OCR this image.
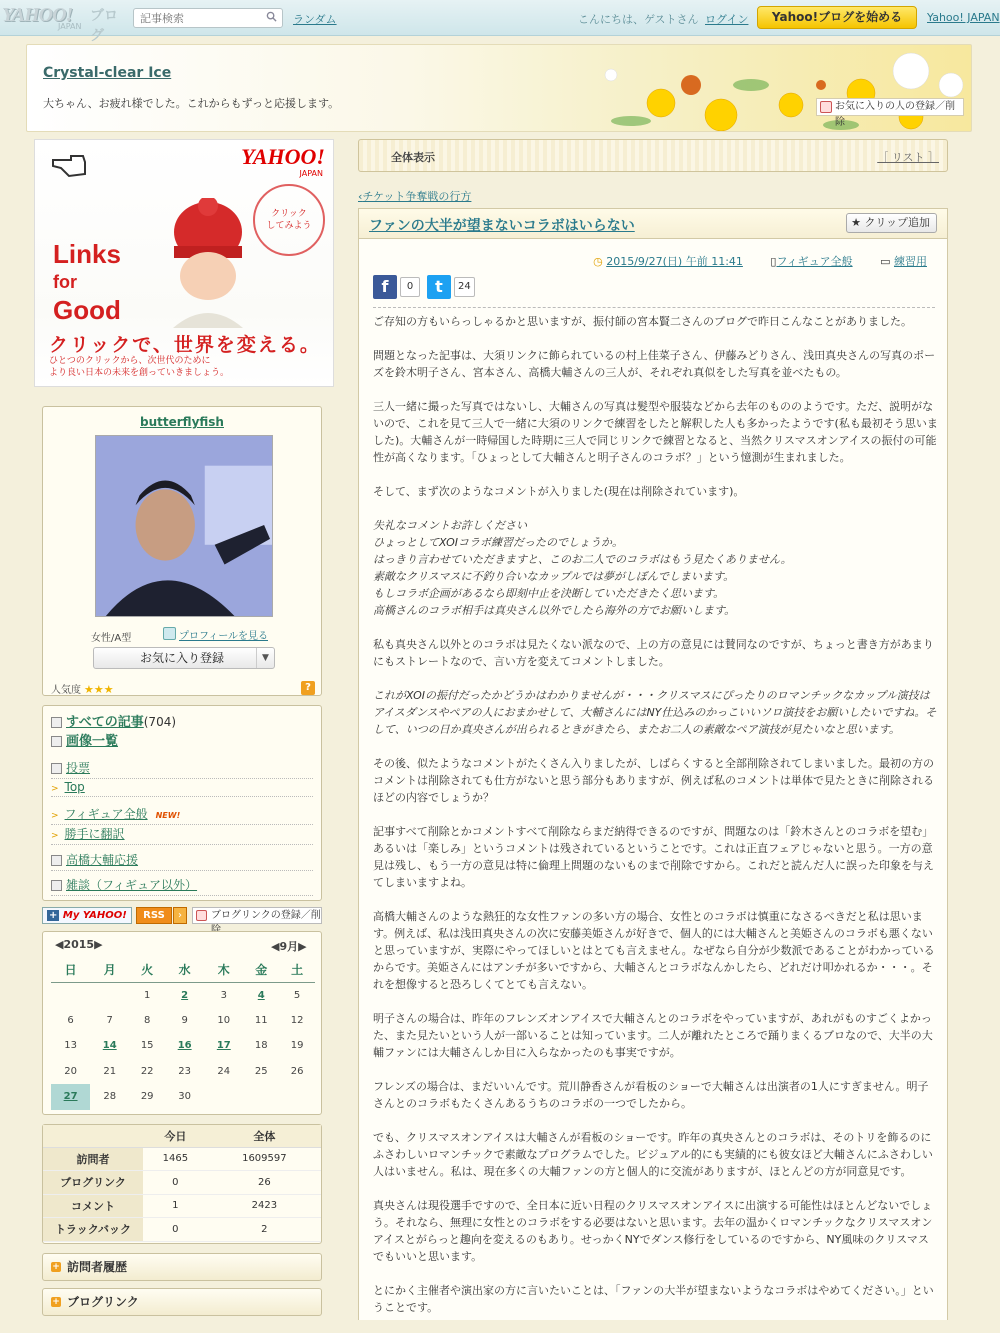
YAHOO!
JAPAN
ブログ
記事検索
ランダム	こんにちは、ゲストさん ログイン	Yahoo!ブログを始める	Yahoo! JAPAN
Crystal-clear Ice
大ちゃん、お疲れ様でした。これからもずっと応援します。	お気に入りの人の登録／削除
YAHOO!
JAPAN
クリック
してみよう
Links
for
Good
クリックで、世界を変える。
ひとつのクリックから、次世代のために
より良い日本の未来を創っていきましょう。
butterflyfish
女性/A型	プロフィールを見る
お気に入り登録	▼
人気度 ★★★	?
すべての記事(704)
画像一覧
投票
> Top
> フィギュア全般 NEW!
> 勝手に翻訳
高橋大輔応援
雑談（フィギュア以外）
+ My YAHOO!	RSS	›	ブログリンクの登録／削
◀2015▶	◀9月▶
日	月	火	水	木	金	土
		1	2	3	4	5
6	7	8	9	10	11	12
13	14	15	16	17	18	19
20	21	22	23	24	25	26
27	28	29	30			
	今日	全体
訪問者	1465	1609597
ブログリンク	0	26
コメント	1	2423
トラックバック	0	2
+ 訪問者履歴
+ ブログリンク
全体表示	［ リスト ］
‹チケット争奪戦の行方
ファンの大半が望まないコラボはいらない	★ クリップ追加
◷ 2015/9/27(日) 午前 11:41	▯フィギュア全般	▭ 練習用
f	0	t	24

ご存知の方もいらっしゃるかと思いますが、振付師の宮本賢二さんのブログで昨日こんなことがありました。

問題となった記事は、大須リンクに飾られているの村上佳菜子さん、伊藤みどりさん、浅田真央さんの写真のポーズを鈴木明子さん、宮本さん、高橋大輔さんの三人が、それぞれ真似をした写真を並べたもの。

三人一緒に撮った写真ではないし、大輔さんの写真は髪型や服装などから去年のもののようです。ただ、説明がないので、これを見て三人で一緒に大須のリンクで練習をしたと解釈した人も多かったようです(私も最初そう思いました)。大輔さんが一時帰国した時期に三人で同じリンクで練習となると、当然クリスマスオンアイスの振付の可能性が高くなります。「ひょっとして大輔さんと明子さんのコラボ？」という憶測が生まれました。

そして、まず次のようなコメントが入りました(現在は削除されています)。

失礼なコメントお許しください
ひょっとしてXOIコラボ練習だったのでしょうか。
はっきり言わせていただきますと、このお二人でのコラボはもう見たくありません。
素敵なクリスマスに不釣り合いなカップルでは夢がしぼんでしまいます。
もしコラボ企画があるなら即刻中止を決断していただきたく思います。
高橋さんのコラボ相手は真央さん以外でしたら海外の方でお願いします。

私も真央さん以外とのコラボは見たくない派なので、上の方の意見には賛同なのですが、ちょっと書き方があまりにもストレートなので、言い方を変えてコメントしました。

これがXOIの振付だったかどうかはわかりませんが・・・クリスマスにぴったりのロマンチックなカップル演技はアイスダンスやペアの人におまかせして、大輔さんにはNY仕込みのかっこいいソロ演技をお願いしたいですね。そして、いつの日か真央さんが出られるときがきたら、またお二人の素敵なペア演技が見たいなと思います。

その後、似たようなコメントがたくさん入りましたが、しばらくすると全部削除されてしまいました。最初の方のコメントは削除されても仕方がないと思う部分もありますが、例えば私のコメントは単体で見たときに削除されるほどの内容でしょうか？

記事すべて削除とかコメントすべて削除ならまだ納得できるのですが、問題なのは「鈴木さんとのコラボを望む」あるいは「楽しみ」というコメントは残されているということです。これは正直フェアじゃないと思う。一方の意見は残し、もう一方の意見は特に倫理上問題のないものまで削除ですから。これだと読んだ人に誤った印象を与えてしまいますよね。

高橋大輔さんのような熱狂的な女性ファンの多い方の場合、女性とのコラボは慎重になさるべきだと私は思います。例えば、私は浅田真央さんの次に安藤美姫さんが好きで、個人的には大輔さんと美姫さんのコラボも悪くないと思っていますが、実際にやってほしいとはとても言えません。なぜなら自分が少数派であることがわかっているからです。美姫さんにはアンチが多いですから、大輔さんとコラボなんかしたら、どれだけ叩かれるか・・・。それを想像すると恐ろしくてとても言えない。

明子さんの場合は、昨年のフレンズオンアイスで大輔さんとのコラボをやっていますが、あれがものすごくよかった、また見たいという人が一部いることは知っています。二人が離れたところで踊りまくるブロなので、大半の大輔ファンには大輔さんしか目に入らなかったのも事実ですが。

フレンズの場合は、まだいいんです。荒川静香さんが看板のショーで大輔さんは出演者の1人にすぎません。明子さんとのコラボもたくさんあるうちのコラボの一つでしたから。

でも、クリスマスオンアイスは大輔さんが看板のショーです。昨年の真央さんとのコラボは、そのトリを飾るのにふさわしいロマンチックで素敵なプログラムでした。ビジュアル的にも実績的にも彼女ほど大輔さんにふさわしい人はいません。私は、現在多くの大輔ファンの方と個人的に交流がありますが、ほとんどの方が同意見です。

真央さんは現役選手ですので、全日本に近い日程のクリスマスオンアイスに出演する可能性はほとんどないでしょう。それなら、無理に女性とのコラボをする必要はないと思います。去年の温かくロマンチックなクリスマスオンアイスとがらっと趣向を変えるのもあり。せっかくNYでダンス修行をしているのですから、NY風味のクリスマスでもいいと思います。

とにかく主催者や演出家の方に言いたいことは、「ファンの大半が望まないようなコラボはやめてください。」ということです。
